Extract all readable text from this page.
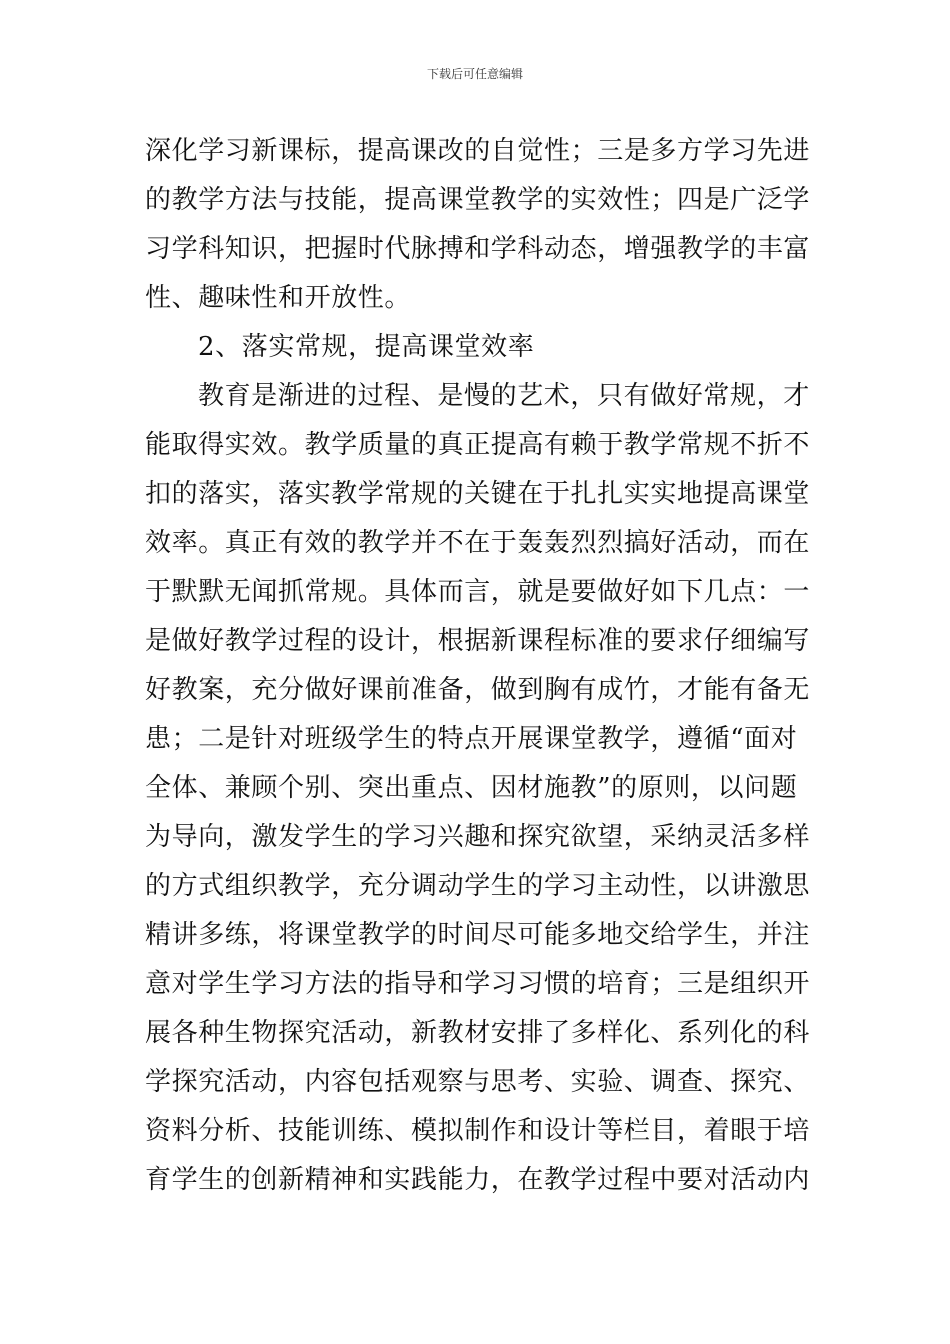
下载后可任意编辑
深化学习新课标，提高课改的自觉性；三是多方学习先进
的教学方法与技能，提高课堂教学的实效性；四是广泛学
习学科知识，把握时代脉搏和学科动态，增强教学的丰富
性、趣味性和开放性。
2、落实常规，提高课堂效率
教育是渐进的过程、是慢的艺术，只有做好常规，才
能取得实效。教学质量的真正提高有赖于教学常规不折不
扣的落实，落实教学常规的关键在于扎扎实实地提高课堂
效率。真正有效的教学并不在于轰轰烈烈搞好活动，而在
于默默无闻抓常规。具体而言，就是要做好如下几点：一
是做好教学过程的设计，根据新课程标准的要求仔细编写
好教案，充分做好课前准备，做到胸有成竹，才能有备无
患；二是针对班级学生的特点开展课堂教学，遵循“面对
全体、兼顾个别、突出重点、因材施教”的原则，以问题
为导向，激发学生的学习兴趣和探究欲望，采纳灵活多样
的方式组织教学，充分调动学生的学习主动性，以讲激思
精讲多练，将课堂教学的时间尽可能多地交给学生，并注
意对学生学习方法的指导和学习习惯的培育；三是组织开
展各种生物探究活动，新教材安排了多样化、系列化的科
学探究活动，内容包括观察与思考、实验、调查、探究、
资料分析、技能训练、模拟制作和设计等栏目，着眼于培
育学生的创新精神和实践能力，在教学过程中要对活动内
